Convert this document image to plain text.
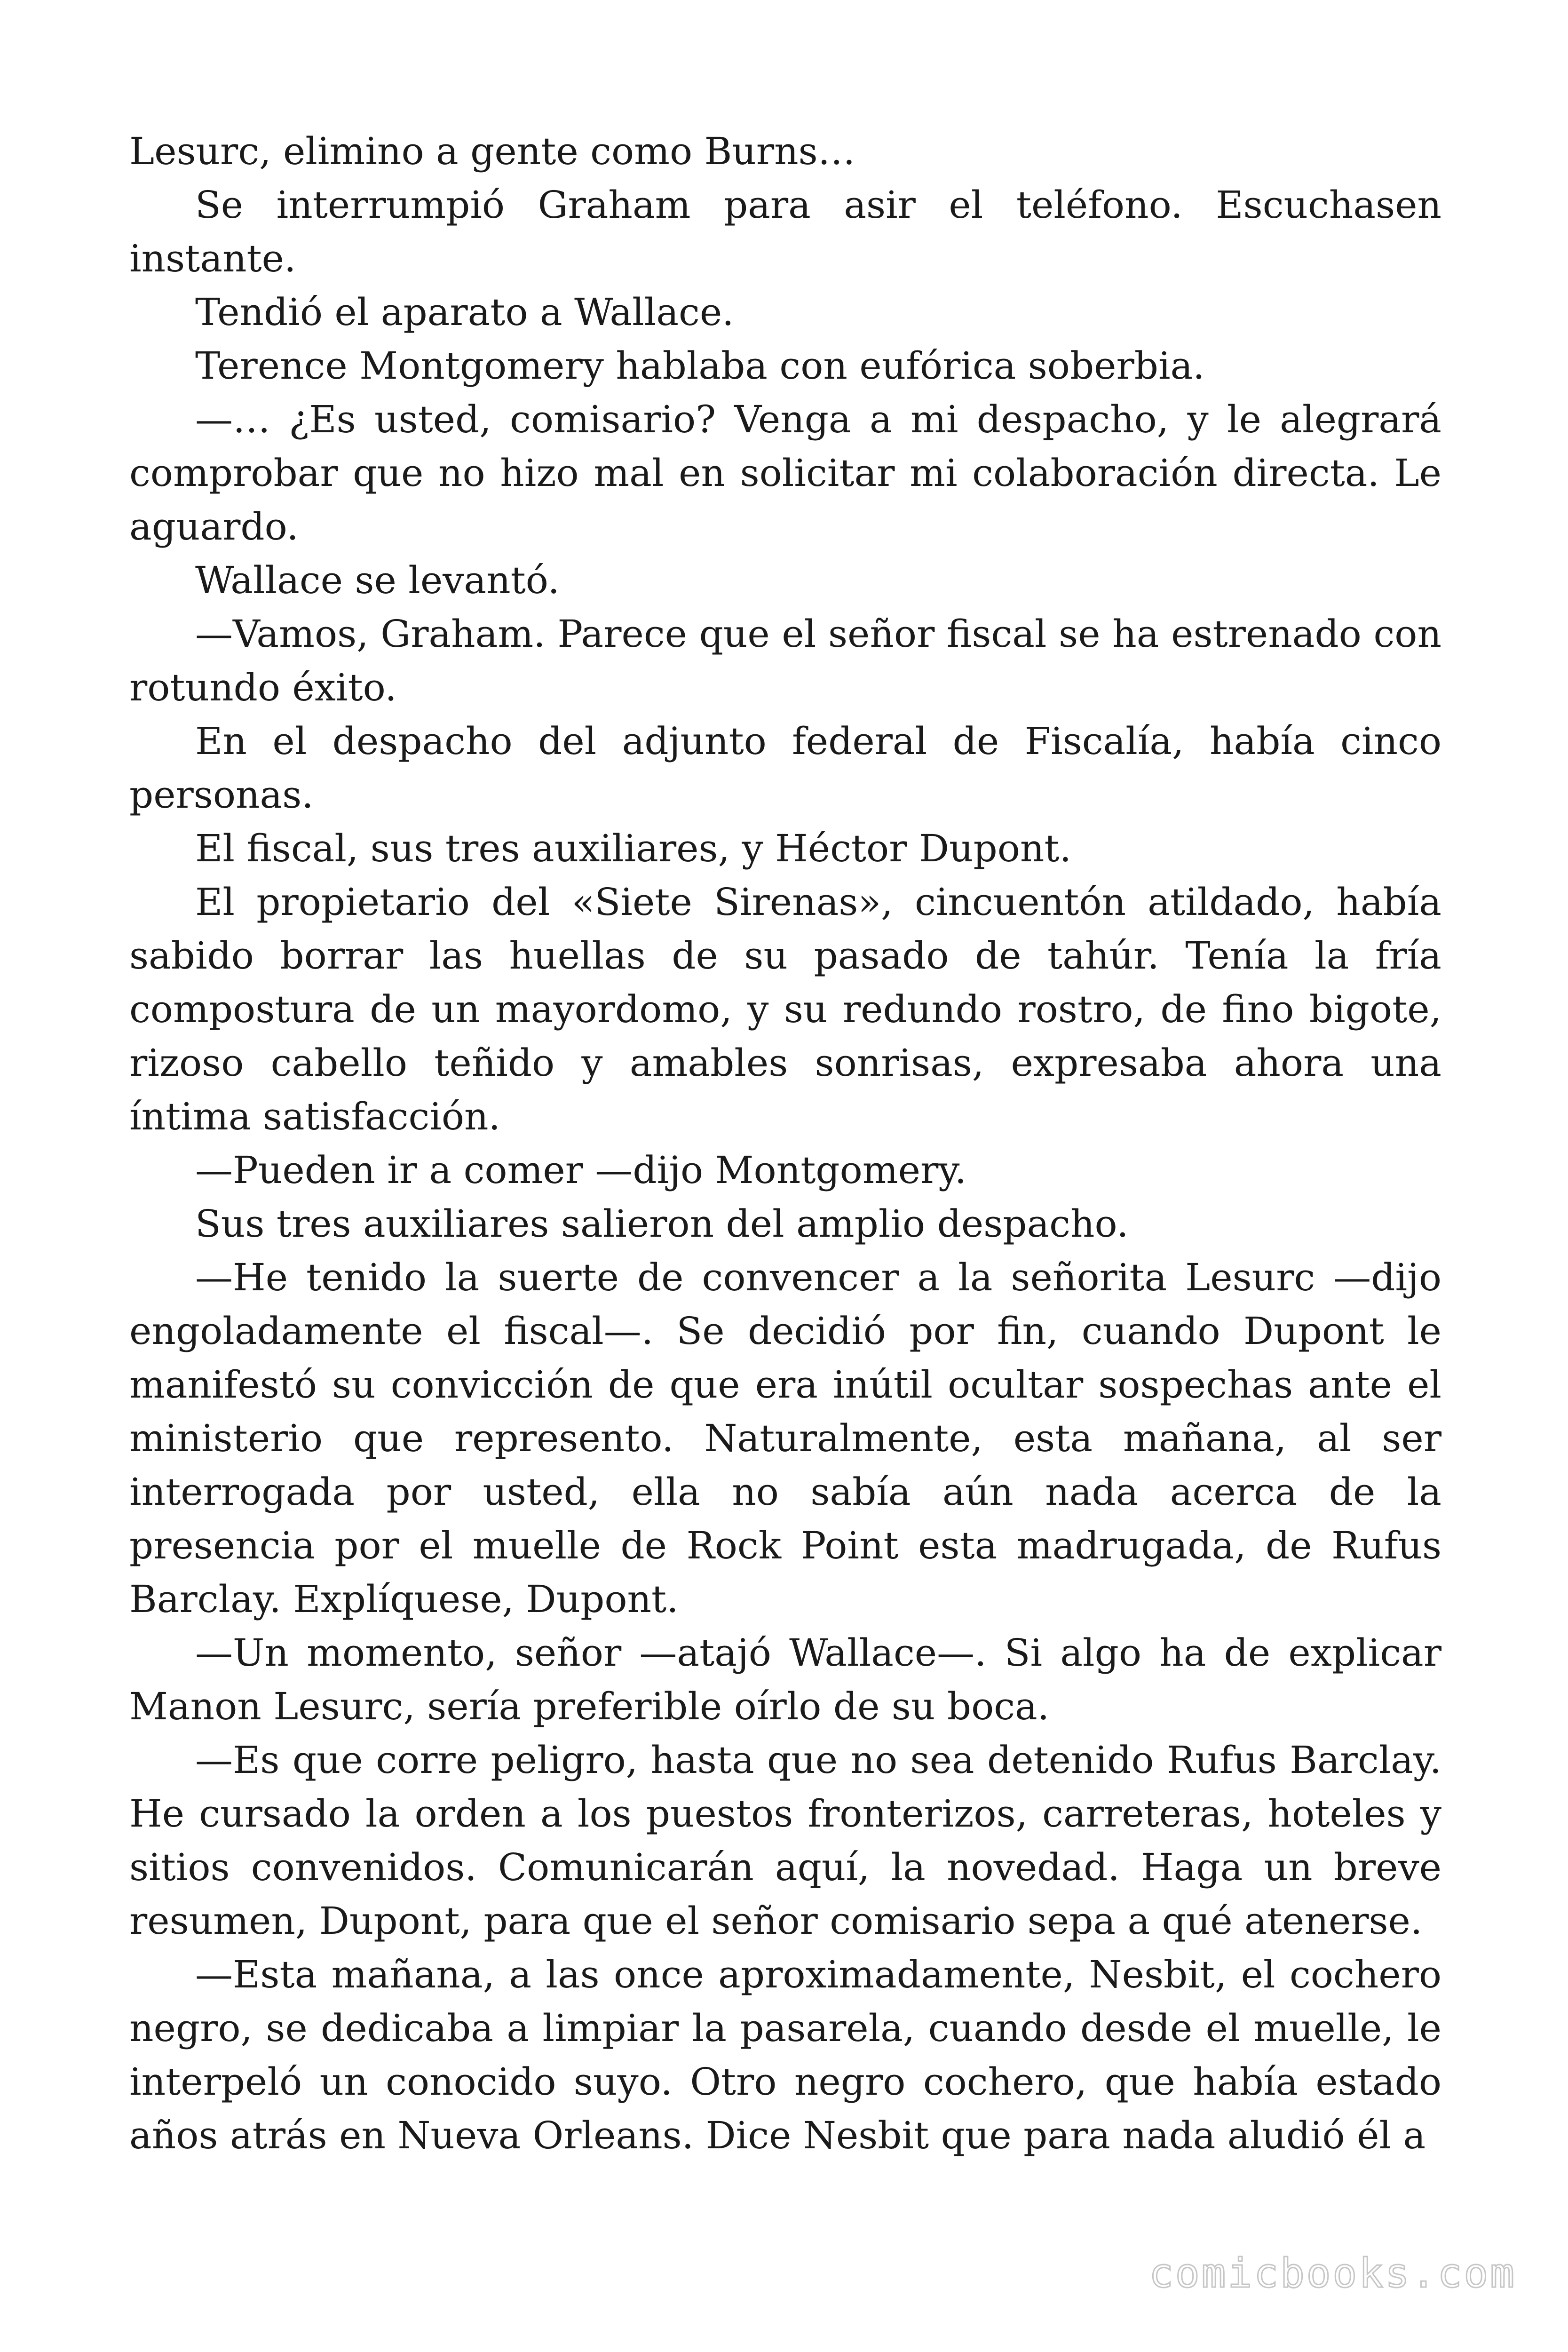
Lesurc, elimino a gente como Burns…

Se interrumpió Graham para asir el teléfono. Escuchasen instante.

Tendió el aparato a Wallace.

Terence Montgomery hablaba con eufórica soberbia.

—… ¿Es usted, comisario? Venga a mi despacho, y le alegrará comprobar que no hizo mal en solicitar mi colaboración directa. Le aguardo.

Wallace se levantó.

—Vamos, Graham. Parece que el señor fiscal se ha estrenado con rotundo éxito.

En el despacho del adjunto federal de Fiscalía, había cinco personas.

El fiscal, sus tres auxiliares, y Héctor Dupont.

El propietario del «Siete Sirenas», cincuentón atildado, había sabido borrar las huellas de su pasado de tahúr. Tenía la fría compostura de un mayordomo, y su redundo rostro, de fino bigote, rizoso cabello teñido y amables sonrisas, expresaba ahora una íntima satisfacción.

—Pueden ir a comer —dijo Montgomery.

Sus tres auxiliares salieron del amplio despacho.

—He tenido la suerte de convencer a la señorita Lesurc —dijo engoladamente el fiscal—. Se decidió por fin, cuando Dupont le manifestó su convicción de que era inútil ocultar sospechas ante el ministerio que represento. Naturalmente, esta mañana, al ser interrogada por usted, ella no sabía aún nada acerca de la presencia por el muelle de Rock Point esta madrugada, de Rufus Barclay. Explíquese, Dupont.

—Un momento, señor —atajó Wallace—. Si algo ha de explicar Manon Lesurc, sería preferible oírlo de su boca.

—Es que corre peligro, hasta que no sea detenido Rufus Barclay. He cursado la orden a los puestos fronterizos, carreteras, hoteles y sitios convenidos. Comunicarán aquí, la novedad. Haga un breve resumen, Dupont, para que el señor comisario sepa a qué atenerse.

—Esta mañana, a las once aproximadamente, Nesbit, el cochero negro, se dedicaba a limpiar la pasarela, cuando desde el muelle, le interpeló un conocido suyo. Otro negro cochero, que había estado años atrás en Nueva Orleans. Dice Nesbit que para nada aludió él a

comicbooks.com
